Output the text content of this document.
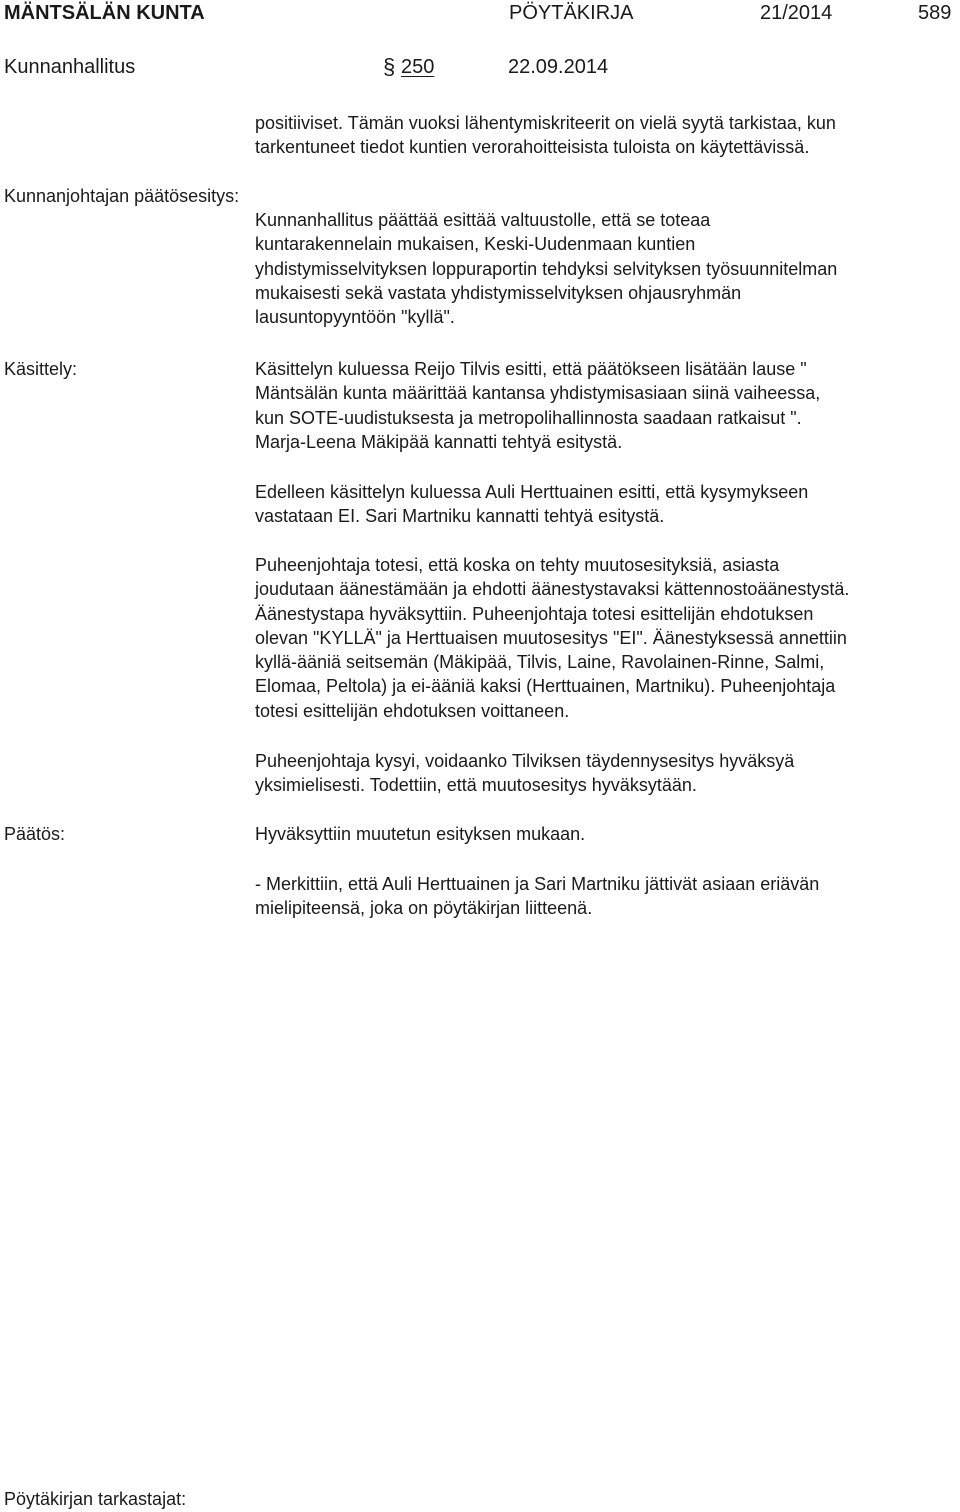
MÄNTSÄLÄN KUNTA	PÖYTÄKIRJA	21/2014	589
Kunnanhallitus	§ 250	22.09.2014
positiiviset. Tämän vuoksi lähentymiskriteerit on vielä syytä tarkistaa, kun
tarkentuneet tiedot kuntien verorahoitteisista tuloista on käytettävissä.
Kunnanjohtajan päätösesitys:
Kunnanhallitus päättää esittää valtuustolle, että se toteaa
kuntarakennelain mukaisen, Keski-Uudenmaan kuntien
yhdistymisselvityksen loppuraportin tehdyksi selvityksen työsuunnitelman
mukaisesti sekä vastata yhdistymisselvityksen ohjausryhmän
lausuntopyyntöön "kyllä".
Käsittely:	Käsittelyn kuluessa Reijo Tilvis esitti, että päätökseen lisätään lause "
Mäntsälän kunta määrittää kantansa yhdistymisasiaan siinä vaiheessa,
kun SOTE-uudistuksesta ja metropolihallinnosta saadaan ratkaisut ".
Marja-Leena Mäkipää kannatti tehtyä esitystä.
Edelleen käsittelyn kuluessa Auli Herttuainen esitti, että kysymykseen
vastataan EI. Sari Martniku kannatti tehtyä esitystä.
Puheenjohtaja totesi, että koska on tehty muutosesityksiä, asiasta
joudutaan äänestämään ja ehdotti äänestystavaksi kättennostoäänestystä.
Äänestystapa hyväksyttiin. Puheenjohtaja totesi esittelijän ehdotuksen
olevan "KYLLÄ" ja Herttuaisen muutosesitys "EI". Äänestyksessä annettiin
kyllä-ääniä seitsemän (Mäkipää, Tilvis, Laine, Ravolainen-Rinne, Salmi,
Elomaa, Peltola) ja ei-ääniä kaksi (Herttuainen, Martniku). Puheenjohtaja
totesi esittelijän ehdotuksen voittaneen.
Puheenjohtaja kysyi, voidaanko Tilviksen täydennysesitys hyväksyä
yksimielisesti. Todettiin, että muutosesitys hyväksytään.
Päätös:	Hyväksyttiin muutetun esityksen mukaan.
- Merkittiin, että Auli Herttuainen ja Sari Martniku jättivät asiaan eriävän
mielipiteensä, joka on pöytäkirjan liitteenä.
Pöytäkirjan tarkastajat:
